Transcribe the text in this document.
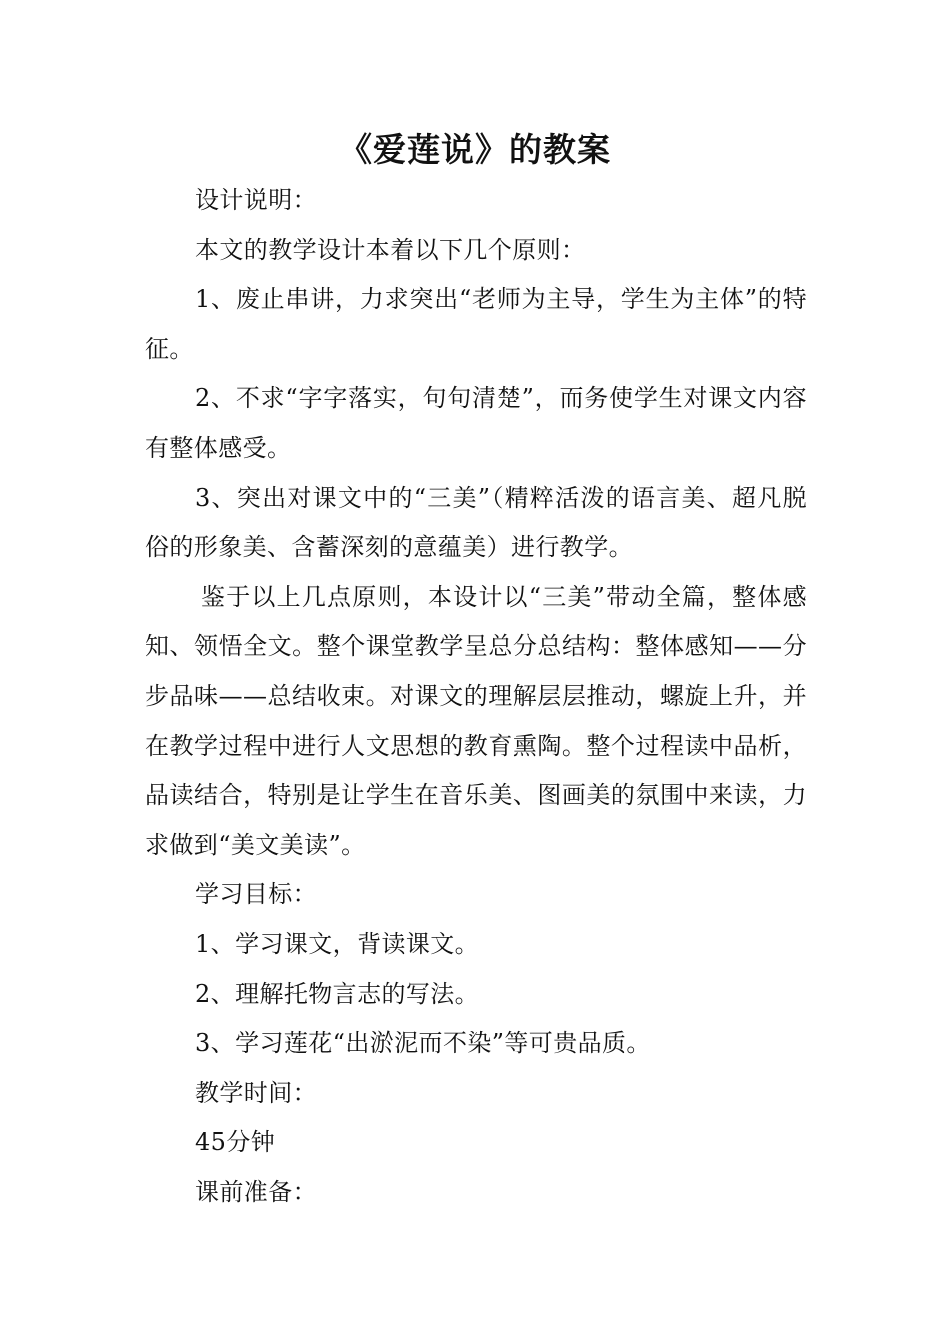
《爱莲说》的教案

设计说明：

本文的教学设计本着以下几个原则：

1、废止串讲，力求突出“老师为主导，学生为主体”的特征。

2、不求“字字落实，句句清楚”，而务使学生对课文内容有整体感受。

3、突出对课文中的“三美”（精粹活泼的语言美、超凡脱俗的形象美、含蓄深刻的意蕴美）进行教学。

鉴于以上几点原则，本设计以“三美”带动全篇，整体感知、领悟全文。整个课堂教学呈总分总结构：整体感知——分步品味——总结收束。对课文的理解层层推动，螺旋上升，并在教学过程中进行人文思想的教育熏陶。整个过程读中品析，品读结合，特别是让学生在音乐美、图画美的氛围中来读，力求做到“美文美读”。

学习目标：

1、学习课文，背读课文。

2、理解托物言志的写法。

3、学习莲花“出淤泥而不染”等可贵品质。

教学时间：

45分钟

课前准备：
